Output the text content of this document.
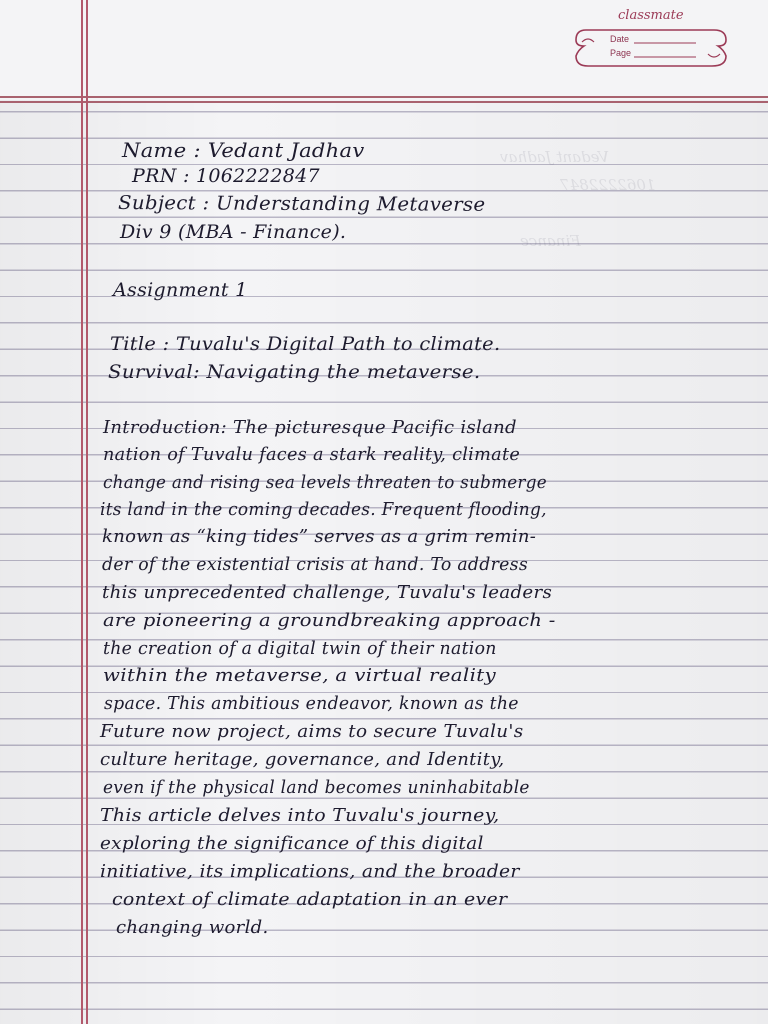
classmate
Date
Page
Vedant Jadhav
1062222847
Finance
Name : Vedant Jadhav
PRN : 1062222847
Subject : Understanding Metaverse
Div 9 (MBA - Finance).
Assignment 1
Title : Tuvalu's Digital Path to climate.
Survival: Navigating the metaverse.
Introduction: The picturesque Pacific island
nation of Tuvalu faces a stark reality, climate
change and rising sea levels threaten to submerge
its land in the coming decades. Frequent flooding,
known as “king tides” serves as a grim remin-
der of the existential crisis at hand. To address
this unprecedented challenge, Tuvalu's leaders
are pioneering a groundbreaking approach -
the creation of a digital twin of their nation
within the metaverse, a virtual reality
space. This ambitious endeavor, known as the
Future now project, aims to secure Tuvalu's
culture heritage, governance, and Identity,
even if the physical land becomes uninhabitable
This article delves into Tuvalu's journey,
exploring the significance of this digital
initiative, its implications, and the broader
context of climate adaptation in an ever
changing world.
